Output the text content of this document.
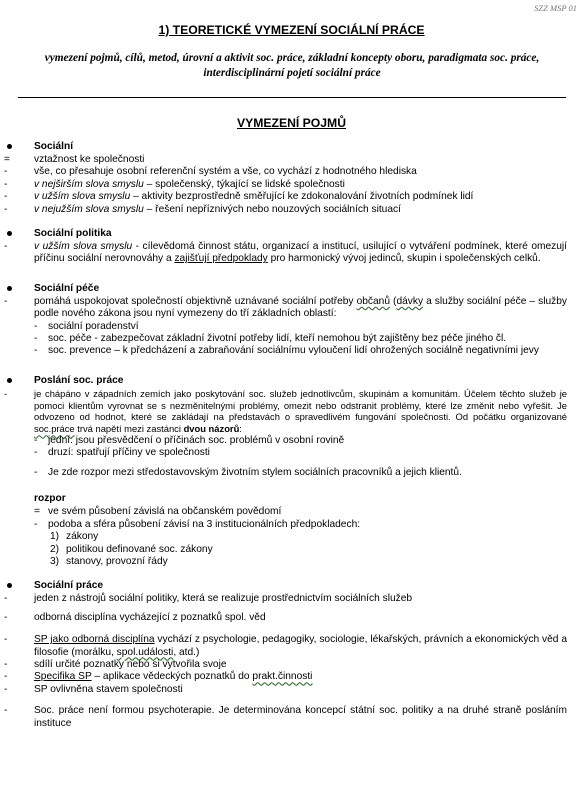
SZZ MSP 01
1) TEORETICKÉ VYMEZENÍ SOCIÁLNÍ PRÁCE
vymezení pojmů, cílů, metod, úrovní a aktivit soc. práce, základní koncepty oboru, paradigmata soc. práce, interdisciplinární pojetí sociální práce
VYMEZENÍ POJMŮ
Sociální
= vztažnost ke společnosti
-	vše, co přesahuje osobní referenční systém a vše, co vychází z hodnotného hlediska
-	v nejširším slova smyslu – společenský, týkající se lidské společnosti
-	v užším slova smyslu – aktivity bezprostředně směřující ke zdokonalování životních podmínek lidí
-	v nejužším slova smyslu – řešení nepříznivých nebo nouzových sociálních situací
Sociální politika
-	v užším slova smyslu - cílevědomá činnost státu, organizací a institucí, usilující o vytváření podmínek, které omezují příčinu sociální nerovnováhy a zajišťují předpoklady pro harmonický vývoj jedinců, skupin i společenských celků.
Sociální péče
-	pomáhá uspokojovat společností objektivně uznávané sociální potřeby občanů (dávky a služby sociální péče – služby podle nového zákona jsou nyní vymezeny do tří základních oblastí:
- sociální poradenství
- soc. péče - zabezpečovat základní životní potřeby lidí, kteří nemohou být zajištěny bez péče jiného čl.
- soc. prevence – k předcházení a zabraňování sociálnímu vyloučení lidí ohrožených sociálně negativními jevy
Poslání soc. práce
-	je chápáno v západních zemích jako poskytování soc. služeb jednotlivcům, skupinám a komunitám. Účelem těchto služeb je pomoci klientům vyrovnat se s nezměnitelnými problémy, omezit nebo odstranit problémy, které lze změnit nebo vyřešit. Je odvozeno od hodnot, které se zakládají na představách o spravedlivém fungování společnosti. Od počátku organizované soc.práce trvá napětí mezi zastánci dvou názorů:
- jední: jsou přesvědčení o příčinách soc. problémů v osobní rovině
- druzí: spatřují příčiny ve společnosti
- Je zde rozpor mezi středostavovským životním stylem sociálních pracovníků a jejich klientů.
rozpor
= ve svém působení závislá na občanském povědomí
- podoba a sféra působení závisí na 3 institucionálních předpokladech:
1) zákony
2) politikou definované soc. zákony
3) stanovy, provozní řády
Sociální práce
-	jeden z nástrojů sociální politiky, která se realizuje prostřednictvím sociálních služeb
-	odborná disciplína vycházející z poznatků spol. věd
-	SP jako odborná disciplína vychází z psychologie, pedagogiky, sociologie, lékařských, právních a ekonomických věd a filosofie (morálku, spol.události, atd.)
-	sdílí určité poznatky nebo si vytvořila svoje
-	Specifika SP – aplikace vědeckých poznatků do prakt.činnosti
-	SP ovlivněna stavem společnosti
-	Soc. práce není formou psychoterapie. Je determinována koncepcí státní soc. politiky a na druhé straně posláním instituce
